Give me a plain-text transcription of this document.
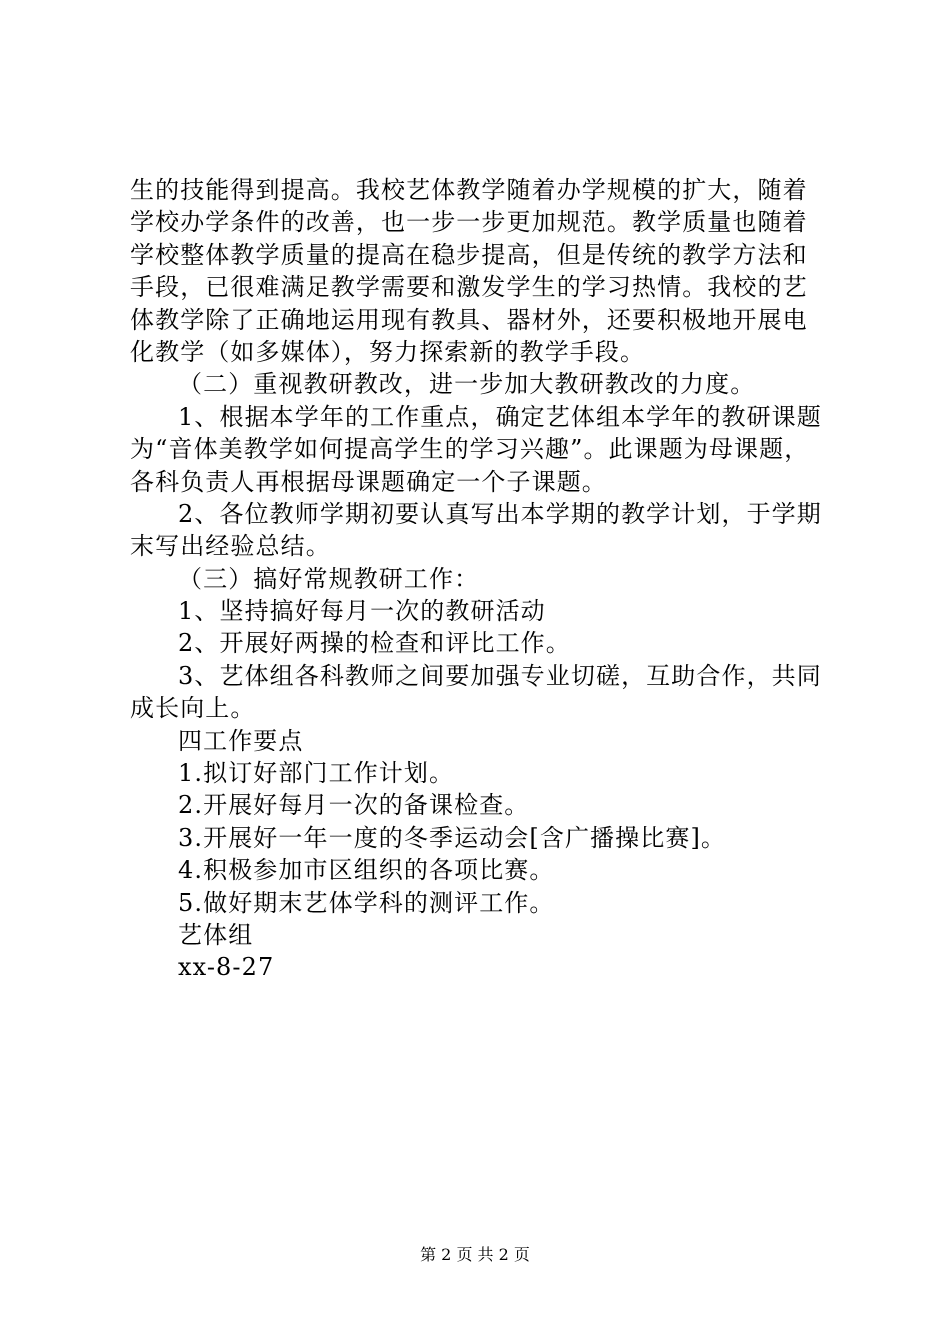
生的技能得到提高。我校艺体教学随着办学规模的扩大，随着
学校办学条件的改善，也一步一步更加规范。教学质量也随着
学校整体教学质量的提高在稳步提高，但是传统的教学方法和
手段，已很难满足教学需要和激发学生的学习热情。我校的艺
体教学除了正确地运用现有教具、器材外，还要积极地开展电
化教学（如多媒体），努力探索新的教学手段。
（二）重视教研教改，进一步加大教研教改的力度。
1、根据本学年的工作重点，确定艺体组本学年的教研课题
为“音体美教学如何提高学生的学习兴趣”。此课题为母课题，
各科负责人再根据母课题确定一个子课题。
2、各位教师学期初要认真写出本学期的教学计划，于学期
末写出经验总结。
（三）搞好常规教研工作：
1、坚持搞好每月一次的教研活动
2、开展好两操的检查和评比工作。
3、艺体组各科教师之间要加强专业切磋，互助合作，共同
成长向上。
四工作要点
1.拟订好部门工作计划。
2.开展好每月一次的备课检查。
3.开展好一年一度的冬季运动会[含广播操比赛]。
4.积极参加市区组织的各项比赛。
5.做好期末艺体学科的测评工作。
艺体组
xx-8-27
第 2 页 共 2 页
